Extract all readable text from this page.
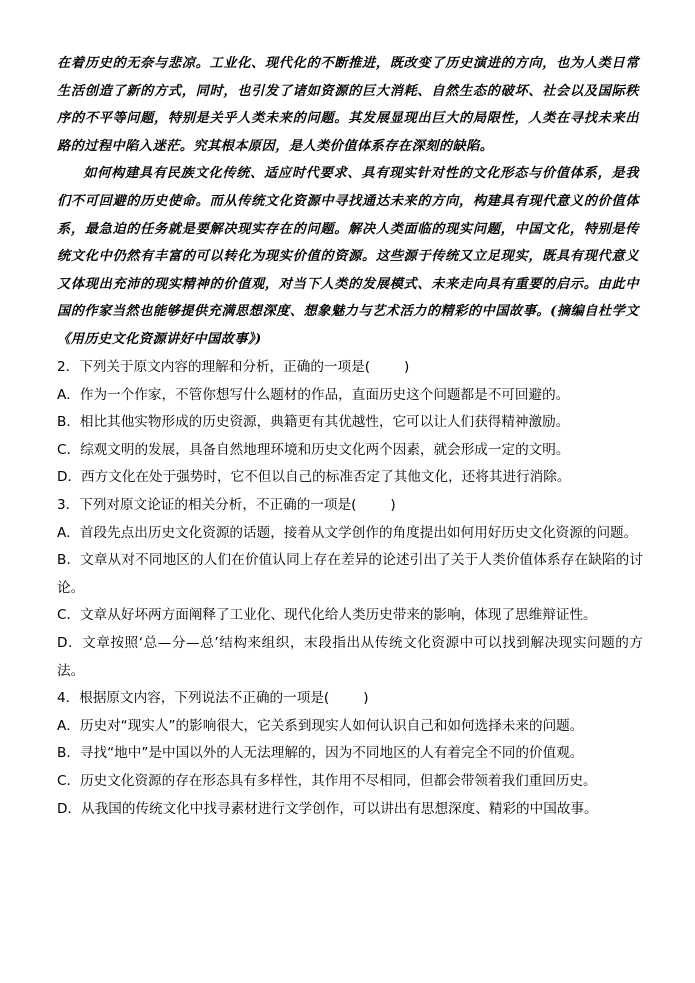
在着历史的无奈与悲凉。工业化、现代化的不断推进，既改变了历史演进的方向，也为人类日常生活创造了新的方式，同时，也引发了诸如资源的巨大消耗、自然生态的破坏、社会以及国际秩序的不平等问题，特别是关乎人类未来的问题。其发展显现出巨大的局限性，人类在寻找未来出路的过程中陷入迷茫。究其根本原因，是人类价值体系存在深刻的缺陷。

如何构建具有民族文化传统、适应时代要求、具有现实针对性的文化形态与价值体系，是我们不可回避的历史使命。而从传统文化资源中寻找通达未来的方向，构建具有现代意义的价值体系，最急迫的任务就是要解决现实存在的问题。解决人类面临的现实问题，中国文化，特别是传统文化中仍然有丰富的可以转化为现实价值的资源。这些源于传统又立足现实，既具有现代意义又体现出充沛的现实精神的价值观，对当下人类的发展模式、未来走向具有重要的启示。由此中国的作家当然也能够提供充满思想深度、想象魅力与艺术活力的精彩的中国故事。(摘编自杜学文《用历史文化资源讲好中国故事》)

2．下列关于原文内容的理解和分析，正确的一项是(	)

A．作为一个作家，不管你想写什么题材的作品，直面历史这个问题都是不可回避的。

B．相比其他实物形成的历史资源，典籍更有其优越性，它可以让人们获得精神激励。

C．综观文明的发展，具备自然地理环境和历史文化两个因素，就会形成一定的文明。

D．西方文化在处于强势时，它不但以自己的标准否定了其他文化，还将其进行消除。

3．下列对原文论证的相关分析，不正确的一项是(	)

A．首段先点出历史文化资源的话题，接着从文学创作的角度提出如何用好历史文化资源的问题。

B．文章从对不同地区的人们在价值认同上存在差异的论述引出了关于人类价值体系存在缺陷的讨论。

C．文章从好坏两方面阐释了工业化、现代化给人类历史带来的影响，体现了思维辩证性。

D．文章按照‘总—分—总’结构来组织，末段指出从传统文化资源中可以找到解决现实问题的方法。

4．根据原文内容，下列说法不正确的一项是(	)

A．历史对“现实人”的影响很大，它关系到现实人如何认识自己和如何选择未来的问题。

B．寻找“地中”是中国以外的人无法理解的，因为不同地区的人有着完全不同的价值观。

C．历史文化资源的存在形态具有多样性，其作用不尽相同，但都会带领着我们重回历史。

D．从我国的传统文化中找寻素材进行文学创作，可以讲出有思想深度、精彩的中国故事。
